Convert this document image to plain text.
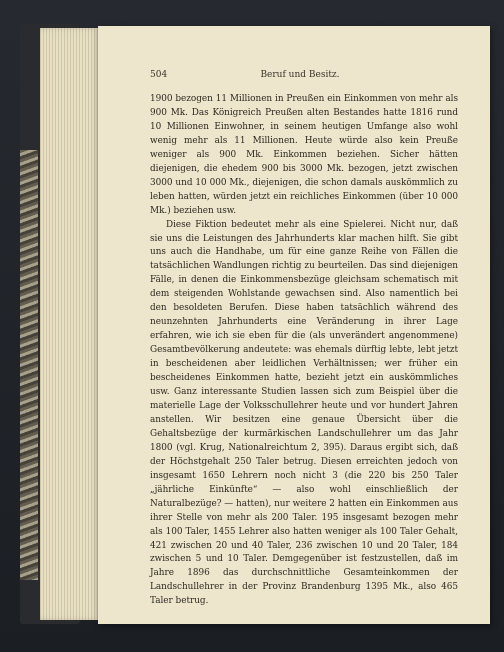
504	Beruf und Besitz.

1900 bezogen 11 Millionen in Preußen ein Einkommen von mehr als 900 Mk. Das Königreich Preußen alten Bestandes hatte 1816 rund 10 Millionen Einwohner, in seinem heutigen Umfange also wohl wenig mehr als 11 Millionen. Heute würde also kein Preuße weniger als 900 Mk. Einkommen beziehen. Sicher hätten diejenigen, die ehedem 900 bis 3000 Mk. bezogen, jetzt zwischen 3000 und 10 000 Mk., diejenigen, die schon damals auskömmlich zu leben hatten, würden jetzt ein reichliches Einkommen (über 10 000 Mk.) beziehen usw.

Diese Fiktion bedeutet mehr als eine Spielerei. Nicht nur, daß sie uns die Leistungen des Jahrhunderts klar machen hilft. Sie gibt uns auch die Handhabe, um für eine ganze Reihe von Fällen die tatsächlichen Wandlungen richtig zu beurteilen. Das sind diejenigen Fälle, in denen die Einkommensbezüge gleichsam schematisch mit dem steigenden Wohlstande gewachsen sind. Also namentlich bei den besoldeten Berufen. Diese haben tatsächlich während des neunzehnten Jahrhunderts eine Veränderung in ihrer Lage erfahren, wie ich sie eben für die (als unverändert angenommene) Gesamtbevölkerung andeutete: was ehemals dürftig lebte, lebt jetzt in bescheidenen aber leidlichen Verhältnissen; wer früher ein bescheidenes Einkommen hatte, bezieht jetzt ein auskömmliches usw. Ganz interessante Studien lassen sich zum Beispiel über die materielle Lage der Volksschullehrer heute und vor hundert Jahren anstellen. Wir besitzen eine genaue Übersicht über die Gehaltsbezüge der kurmärkischen Landschullehrer um das Jahr 1800 (vgl. Krug, Nationalreichtum 2, 395). Daraus ergibt sich, daß der Höchstgehalt 250 Taler betrug. Diesen erreichten jedoch von insgesamt 1650 Lehrern noch nicht 3 (die 220 bis 250 Taler „jährliche Einkünfte“ — also wohl einschließlich der Naturalbezüge? — hatten), nur weitere 2 hatten ein Einkommen aus ihrer Stelle von mehr als 200 Taler. 195 insgesamt bezogen mehr als 100 Taler, 1455 Lehrer also hatten weniger als 100 Taler Gehalt, 421 zwischen 20 und 40 Taler, 236 zwischen 10 und 20 Taler, 184 zwischen 5 und 10 Taler. Demgegenüber ist festzustellen, daß im Jahre 1896 das durchschnittliche Gesamteinkommen der Landschullehrer in der Provinz Brandenburg 1395 Mk., also 465 Taler betrug.
